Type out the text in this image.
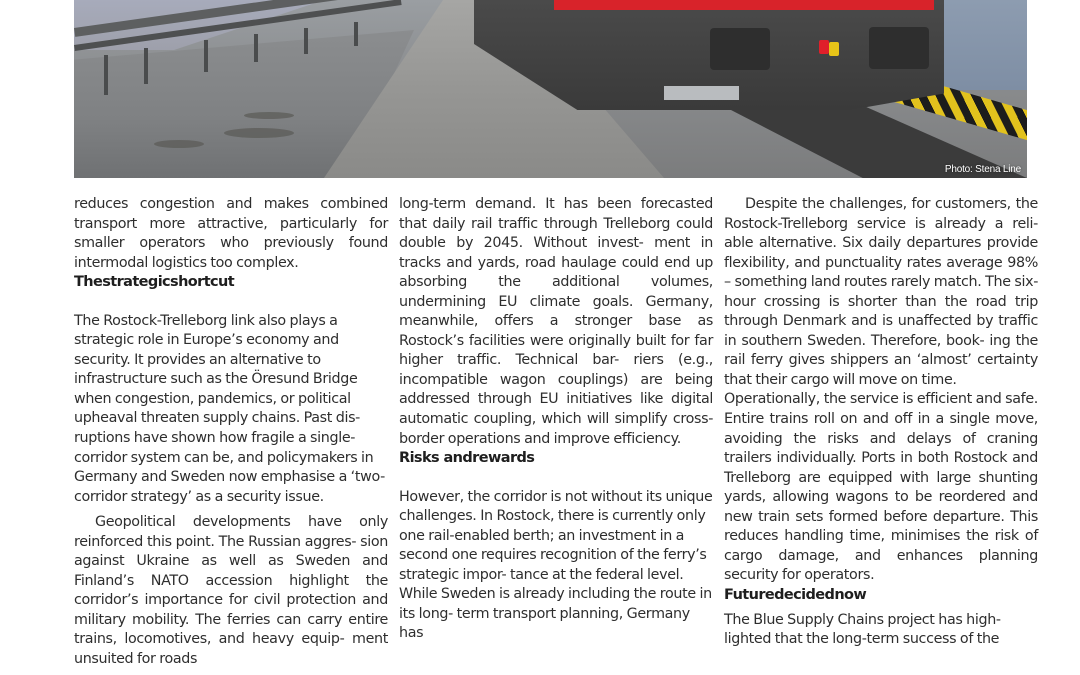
Photo: Stena Line

reduces congestion and makes combined transport more attractive, particularly for smaller operators who previously found intermodal logistics too complex.

Thestrategicshortcut

The Rostock-Trelleborg link also plays a strategic role in Europe’s economy and security. It provides an alternative to infrastructure such as the Öresund Bridge when congestion, pandemics, or political upheaval threaten supply chains. Past dis- ruptions have shown how fragile a single- corridor system can be, and policymakers in Germany and Sweden now emphasise a ‘two-corridor strategy’ as a security issue.

Geopolitical developments have only reinforced this point. The Russian aggres- sion against Ukraine as well as Sweden and Finland’s NATO accession highlight the corridor’s importance for civil protection and military mobility. The ferries can carry entire trains, locomotives, and heavy equip- ment unsuited for roads

long-term demand. It has been forecasted that daily rail traffic through Trelleborg could double by 2045. Without invest- ment in tracks and yards, road haulage could end up absorbing the additional volumes, undermining EU climate goals. Germany, meanwhile, offers a stronger base as Rostock’s facilities were originally built for far higher traffic. Technical bar- riers (e.g., incompatible wagon couplings) are being addressed through EU initiatives like digital automatic coupling, which will simplify cross-border operations and improve efficiency.

Risks andrewards

However, the corridor is not without its unique challenges. In Rostock, there is currently only one rail-enabled berth; an investment in a second one requires recognition of the ferry’s strategic impor- tance at the federal level. While Sweden is already including the route in its long- term transport planning, Germany has

Despite the challenges, for customers, the Rostock-Trelleborg service is already a reli- able alternative. Six daily departures provide flexibility, and punctuality rates average 98% – something land routes rarely match. The six-hour crossing is shorter than the road trip through Denmark and is unaffected by traffic in southern Sweden. Therefore, book- ing the rail ferry gives shippers an ‘almost’ certainty that their cargo will move on time.

Operationally, the service is efficient and safe. Entire trains roll on and off in a single move, avoiding the risks and delays of craning trailers individually. Ports in both Rostock and Trelleborg are equipped with large shunting yards, allowing wagons to be reordered and new train sets formed before departure. This reduces handling time, minimises the risk of cargo damage, and enhances planning security for operators.

Futuredecidednow

The Blue Supply Chains project has high- lighted that the long-term success of the
